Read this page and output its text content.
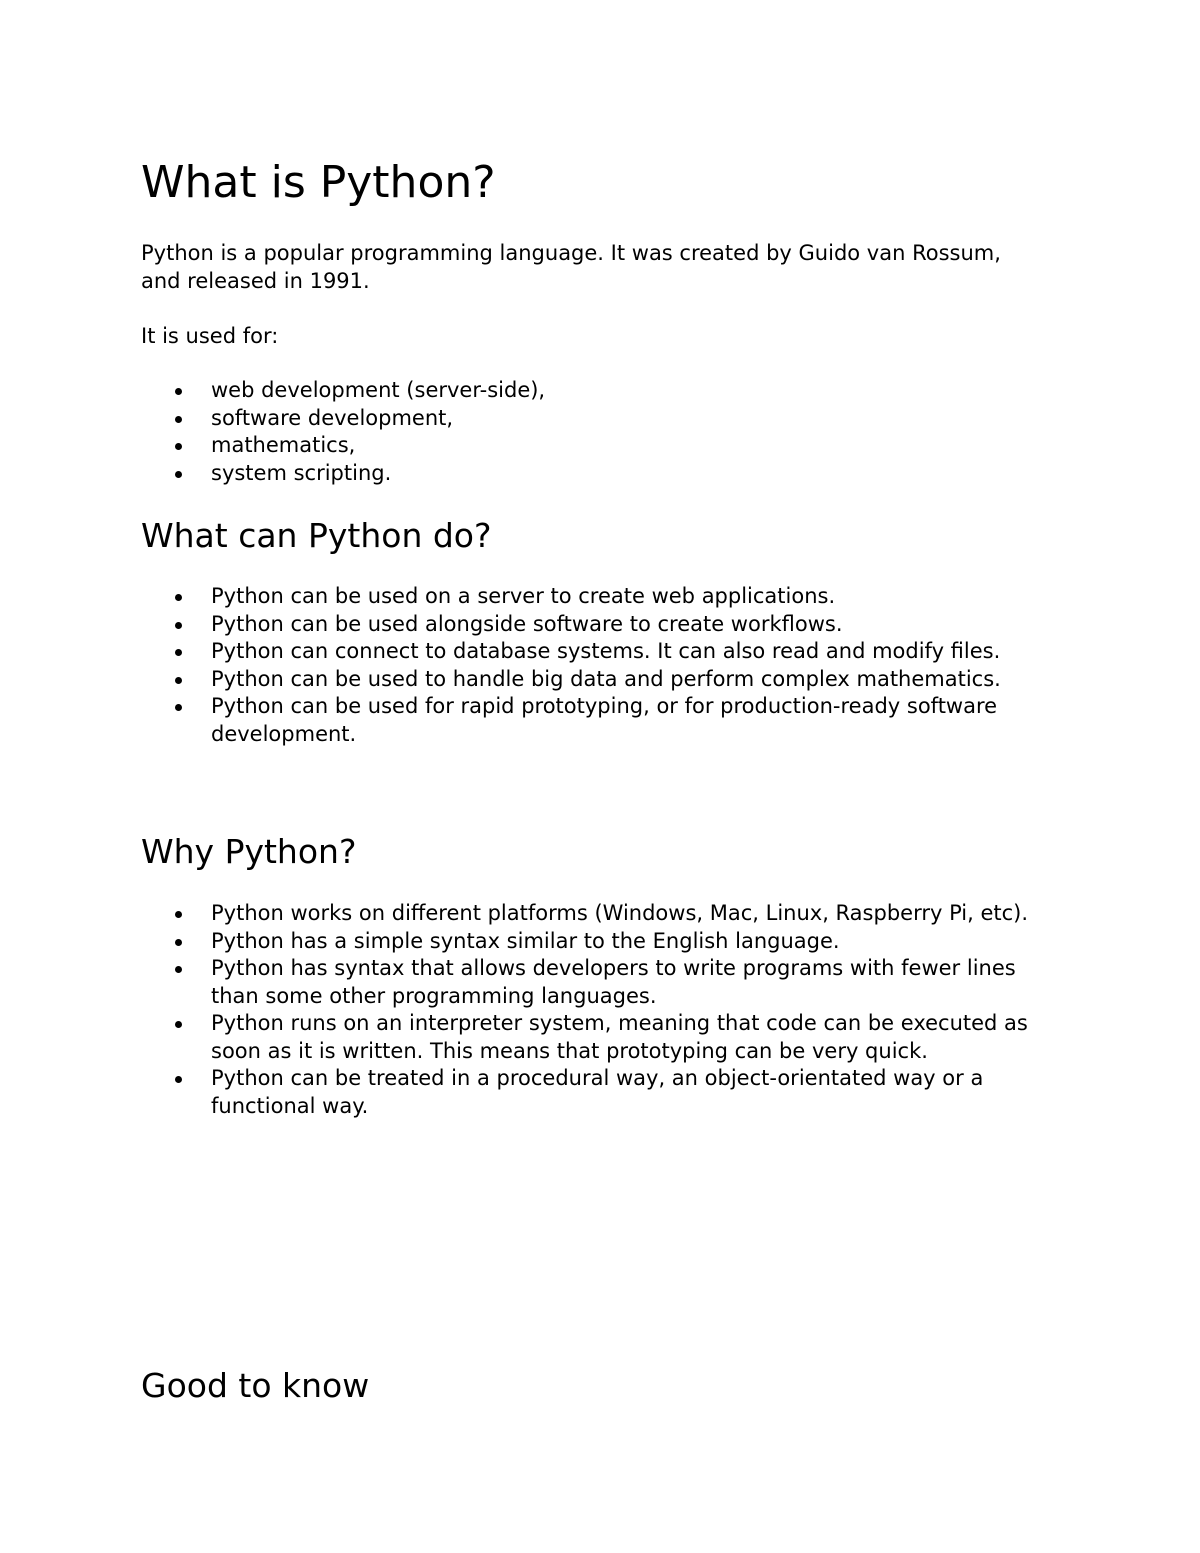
What is Python?

Python is a popular programming language. It was created by Guido van Rossum, and released in 1991.

It is used for:

web development (server-side),
software development,
mathematics,
system scripting.
What can Python do?
Python can be used on a server to create web applications.
Python can be used alongside software to create workflows.
Python can connect to database systems. It can also read and modify files.
Python can be used to handle big data and perform complex mathematics.
Python can be used for rapid prototyping, or for production-ready software development.
Why Python?
Python works on different platforms (Windows, Mac, Linux, Raspberry Pi, etc).
Python has a simple syntax similar to the English language.
Python has syntax that allows developers to write programs with fewer lines than some other programming languages.
Python runs on an interpreter system, meaning that code can be executed as soon as it is written. This means that prototyping can be very quick.
Python can be treated in a procedural way, an object-orientated way or a functional way.
Good to know
